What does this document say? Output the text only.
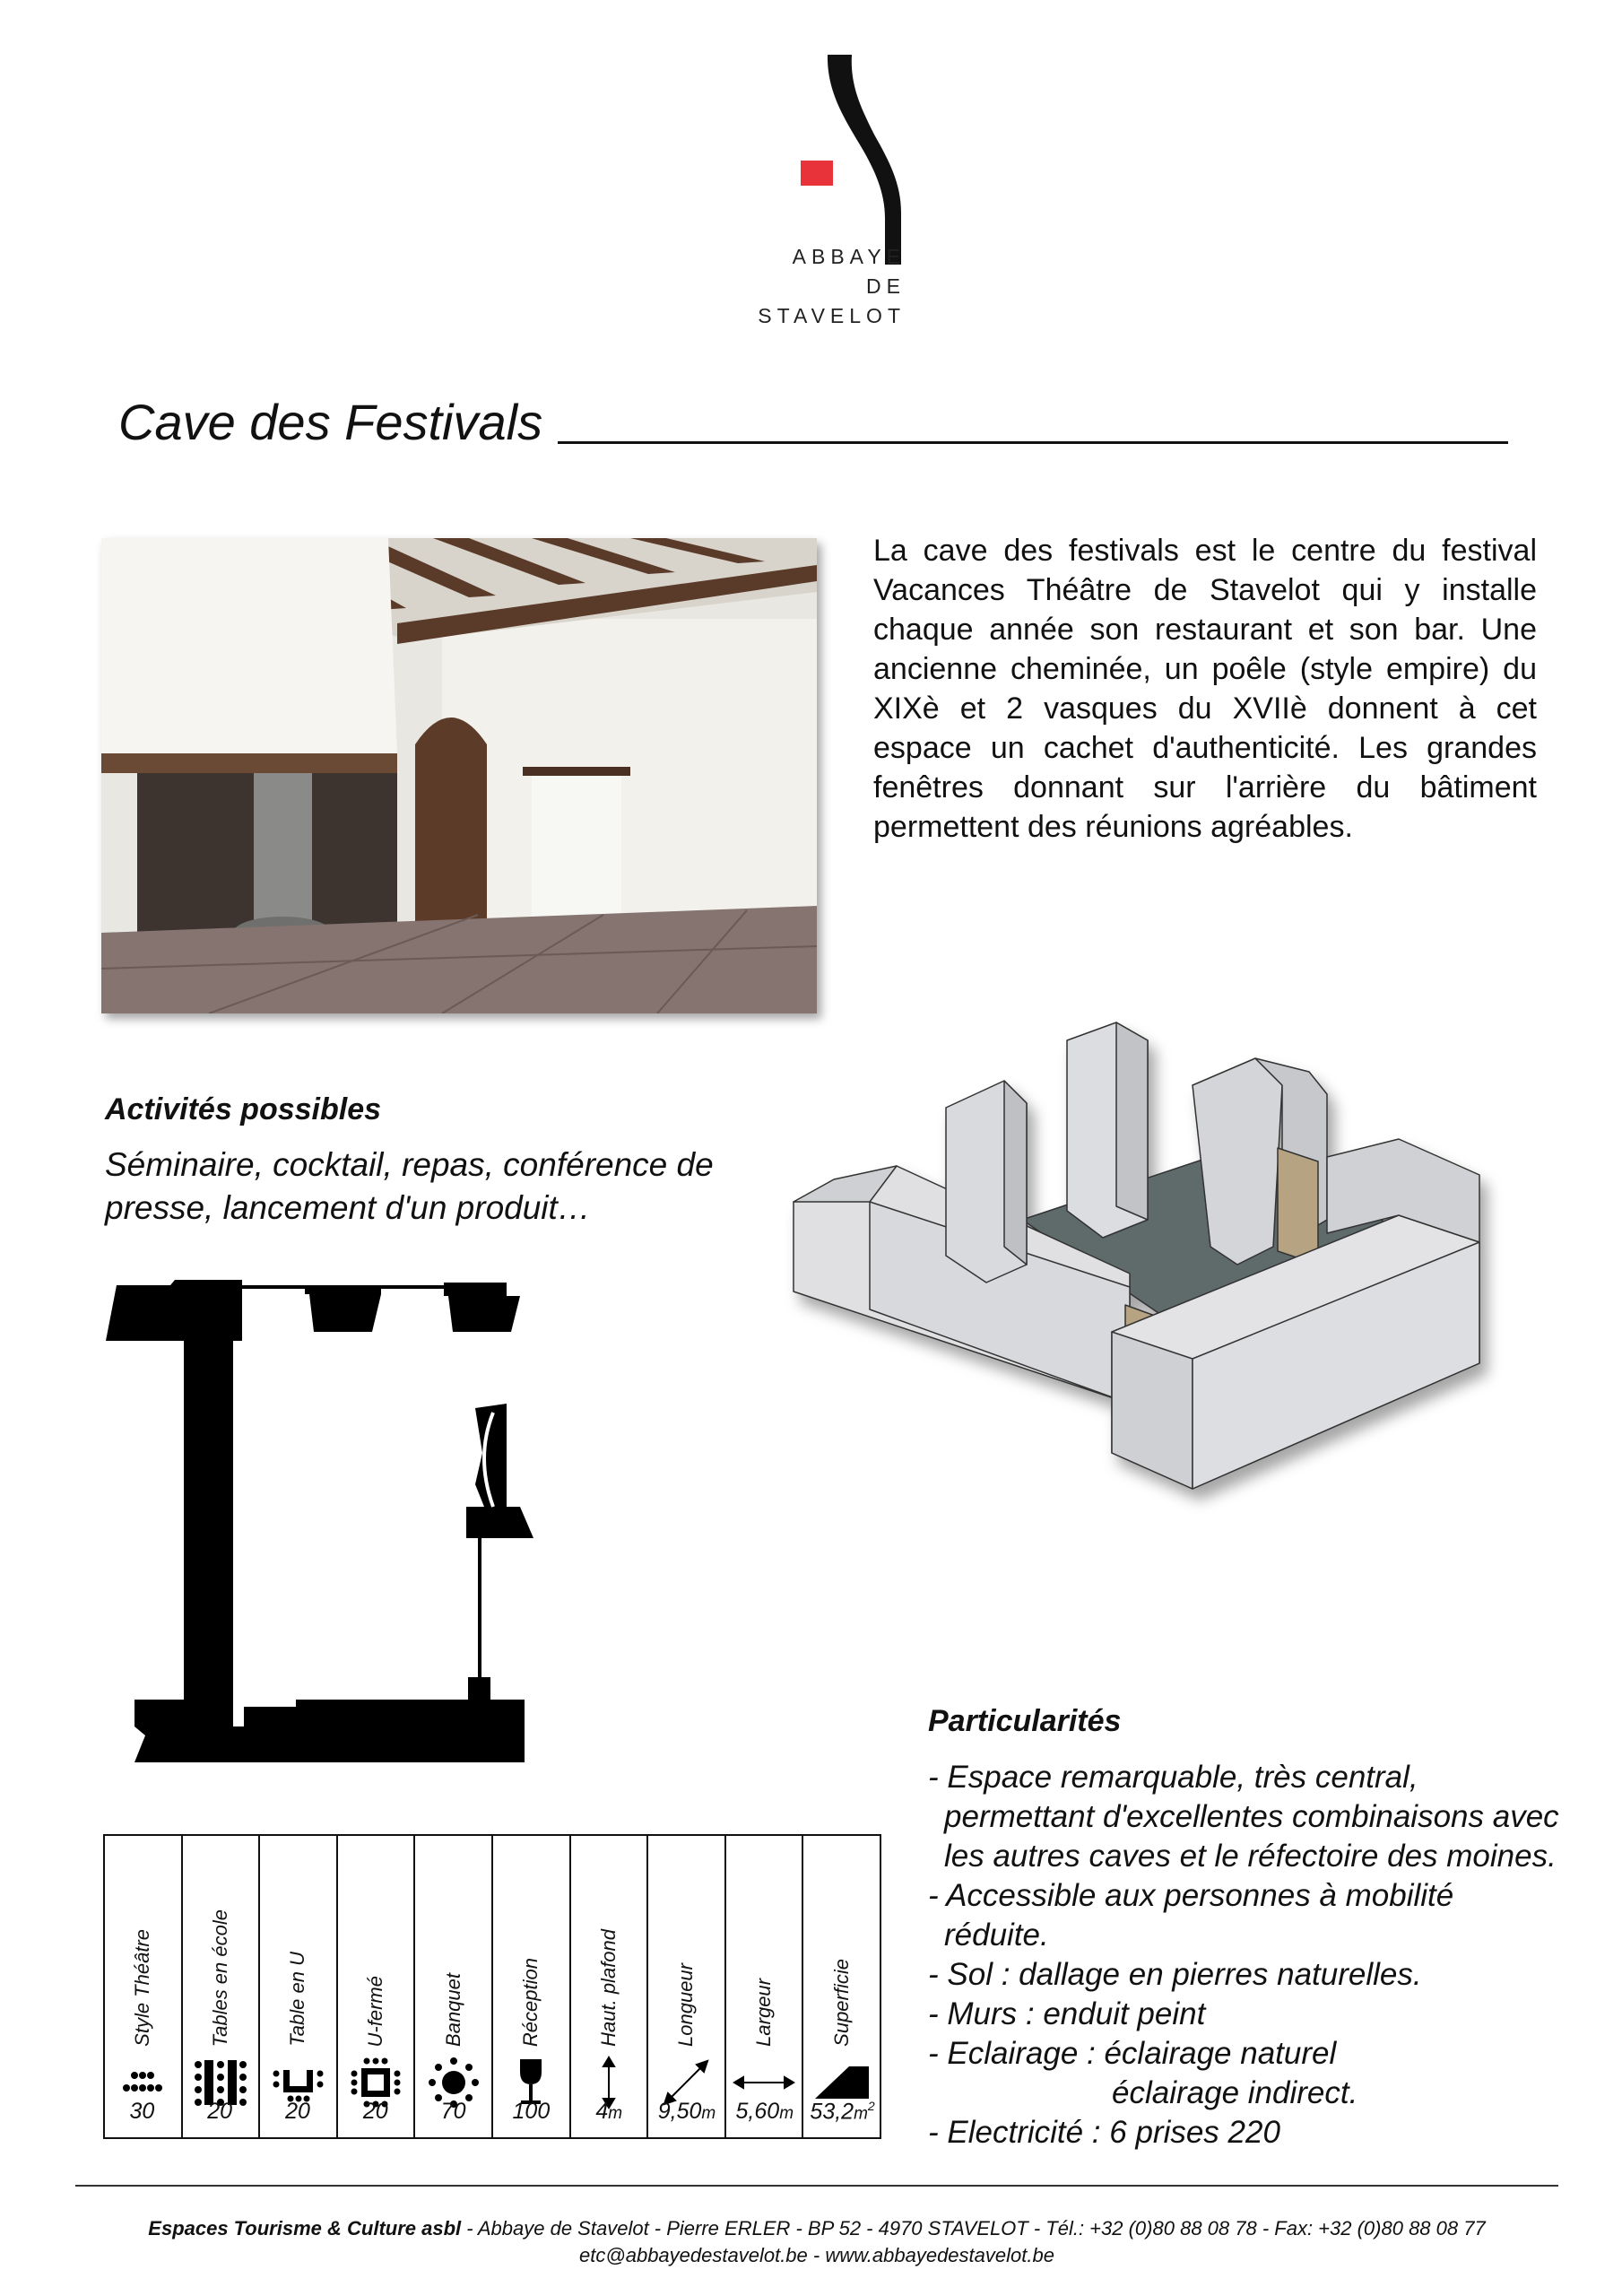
ABBAYE
DE
STAVELOT
Cave des Festivals
La cave des festivals est le centre du festival Vacances Théâtre de Stavelot qui y installe chaque année son restaurant et son bar. Une ancienne cheminée, un poêle (style empire) du XIXè et 2 vasques du XVIIè donnent à cet espace un cachet d'authenticité. Les grandes fenêtres donnant sur l'arrière du bâtiment permettent des réunions agréables.
Activités possibles
Séminaire, cocktail, repas, conférence de presse, lancement d'un produit…
Particularités
- Espace remarquable, très central,
permettant d'excellentes combinaisons avec
les autres caves et le réfectoire des moines.
- Accessible aux personnes à mobilité
réduite.
- Sol : dallage en pierres naturelles.
- Murs : enduit peint
- Eclairage : éclairage naturel
éclairage indirect.
- Electricité : 6 prises 220
Style Théâtre	Tables en école	Table en U	U-fermé	Banquet	Réception	Haut. plafond	Longueur	Largeur	Superficie
30	20	20	20	70	100	4m	9,50m 5,60m $53,2m^2$
Espaces Tourisme & Culture asbl - Abbaye de Stavelot - Pierre ERLER - BP 52 - 4970 STAVELOT - Tél.: +32 (0)80 88 08 78 - Fax: +32 (0)80 88 08 77
etc@abbayedestavelot.be - www.abbayedestavelot.be
